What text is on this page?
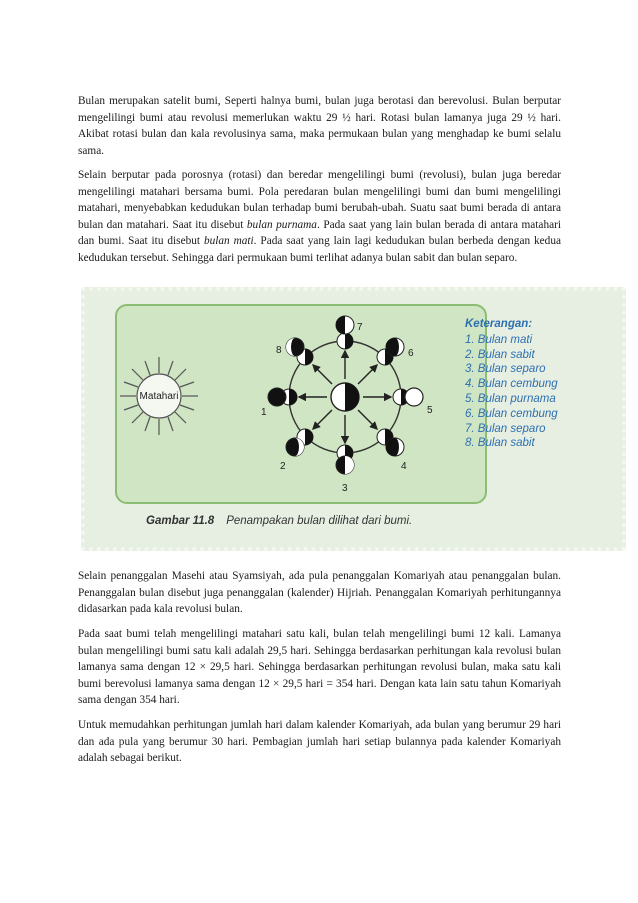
Bulan merupakan satelit bumi, Seperti halnya bumi, bulan juga berotasi dan berevolusi. Bulan berputar mengelilingi bumi atau revolusi memerlukan waktu 29 ½ hari. Rotasi bulan lamanya juga 29 ½ hari. Akibat rotasi bulan dan kala revolusinya sama, maka permukaan bulan yang menghadap ke bumi selalu sama.

Selain berputar pada porosnya (rotasi) dan beredar mengelilingi bumi (revolusi), bulan juga beredar mengelilingi matahari bersama bumi. Pola peredaran bulan mengelilingi bumi dan bumi mengelilingi matahari, menyebabkan kedudukan bulan terhadap bumi berubah-ubah. Suatu saat bumi berada di antara bulan dan matahari. Saat itu disebut bulan purnama. Pada saat yang lain bulan berada di antara matahari dan bumi. Saat itu disebut bulan mati. Pada saat yang lain lagi kedudukan bulan berbeda dengan kedua kedudukan tersebut. Sehingga dari permukaan bumi terlihat adanya bulan sabit dan bulan separo.

Matahari
1
2
3
4
5
6
7
8
Keterangan:
1. Bulan mati
2. Bulan sabit
3. Bulan separo
4. Bulan cembung
5. Bulan purnama
6. Bulan cembung
7. Bulan separo
8. Bulan sabit
Gambar 11.8 Penampakan bulan dilihat dari bumi.

Selain penanggalan Masehi atau Syamsiyah, ada pula penanggalan Komariyah atau penanggalan bulan. Penanggalan bulan disebut juga penanggalan (kalender) Hijriah. Penanggalan Komariyah perhitungannya didasarkan pada kala revolusi bulan.

Pada saat bumi telah mengelilingi matahari satu kali, bulan telah mengelilingi bumi 12 kali. Lamanya bulan mengelilingi bumi satu kali adalah 29,5 hari. Sehingga berdasarkan perhitungan kala revolusi bulan lamanya sama dengan 12 × 29,5 hari. Sehingga berdasarkan perhitungan revolusi bulan, maka satu kali bumi berevolusi lamanya sama dengan 12 × 29,5 hari = 354 hari. Dengan kata lain satu tahun Komariyah sama dengan 354 hari.

Untuk memudahkan perhitungan jumlah hari dalam kalender Komariyah, ada bulan yang berumur 29 hari dan ada pula yang berumur 30 hari. Pembagian jumlah hari setiap bulannya pada kalender Komariyah adalah sebagai berikut.
